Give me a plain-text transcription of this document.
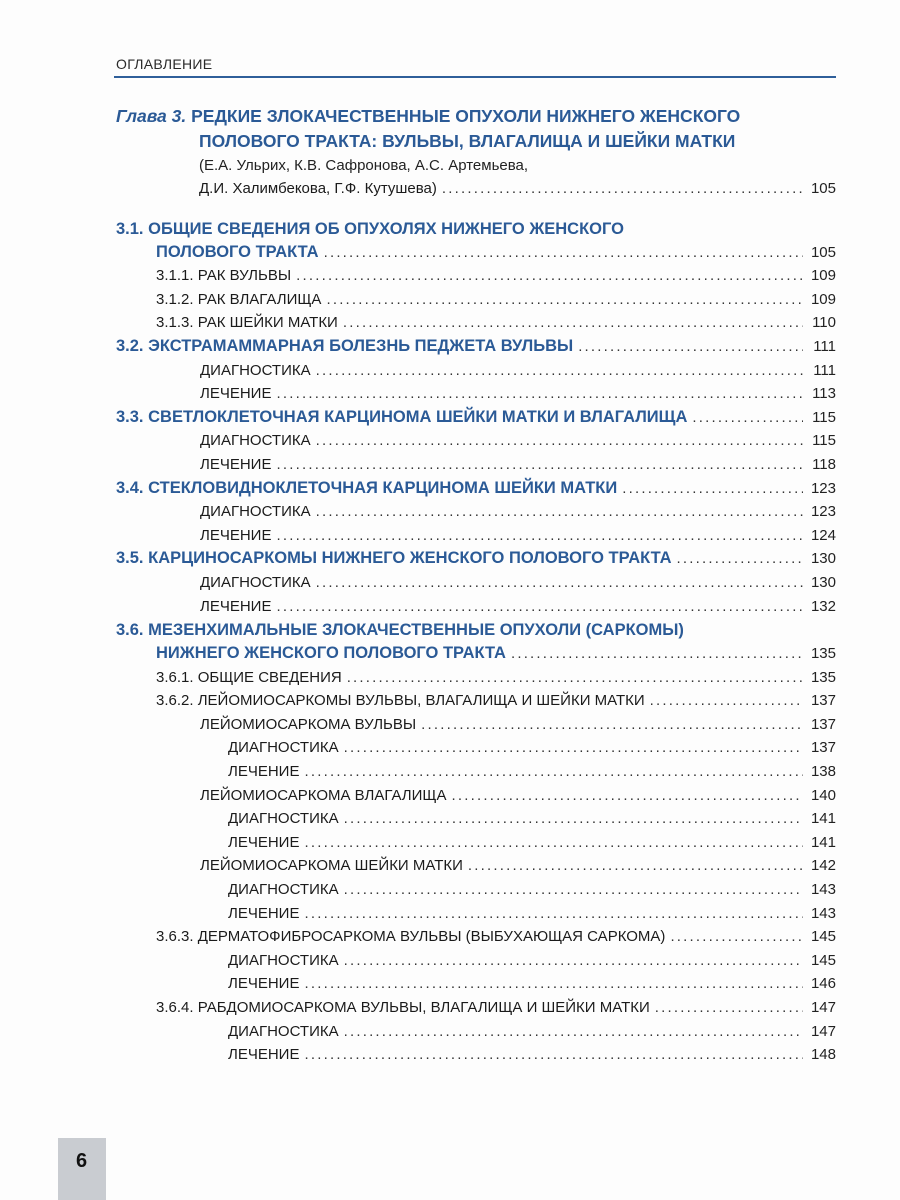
ОГЛАВЛЕНИЕ
Глава 3. РЕДКИЕ ЗЛОКАЧЕСТВЕННЫЕ ОПУХОЛИ НИЖНЕГО ЖЕНСКОГО
ПОЛОВОГО ТРАКТА: ВУЛЬВЫ, ВЛАГАЛИЩА И ШЕЙКИ МАТКИ
(Е.А. Ульрих, К.В. Сафронова, А.С. Артемьева,
Д.И. Халимбекова, Г.Ф. Кутушева) .....	105
3.1. ОБЩИЕ СВЕДЕНИЯ ОБ ОПУХОЛЯХ НИЖНЕГО ЖЕНСКОГО
ПОЛОВОГО ТРАКТА .....	105
3.1.1. РАК ВУЛЬВЫ .....	109
3.1.2. РАК ВЛАГАЛИЩА .....	109
3.1.3. РАК ШЕЙКИ МАТКИ .....	110
3.2. ЭКСТРАМАММАРНАЯ БОЛЕЗНЬ ПЕДЖЕТА ВУЛЬВЫ .....	111
ДИАГНОСТИКА .....	111
ЛЕЧЕНИЕ .....	113
3.3. СВЕТЛОКЛЕТОЧНАЯ КАРЦИНОМА ШЕЙКИ МАТКИ И ВЛАГАЛИЩА .....	115
ДИАГНОСТИКА .....	115
ЛЕЧЕНИЕ .....	118
3.4. СТЕКЛОВИДНОКЛЕТОЧНАЯ КАРЦИНОМА ШЕЙКИ МАТКИ .....	123
ДИАГНОСТИКА .....	123
ЛЕЧЕНИЕ .....	124
3.5. КАРЦИНОСАРКОМЫ НИЖНЕГО ЖЕНСКОГО ПОЛОВОГО ТРАКТА .....	130
ДИАГНОСТИКА .....	130
ЛЕЧЕНИЕ .....	132
3.6. МЕЗЕНХИМАЛЬНЫЕ ЗЛОКАЧЕСТВЕННЫЕ ОПУХОЛИ (САРКОМЫ)
НИЖНЕГО ЖЕНСКОГО ПОЛОВОГО ТРАКТА .....	135
3.6.1. ОБЩИЕ СВЕДЕНИЯ .....	135
3.6.2. ЛЕЙОМИОСАРКОМЫ ВУЛЬВЫ, ВЛАГАЛИЩА И ШЕЙКИ МАТКИ .....	137
ЛЕЙОМИОСАРКОМА ВУЛЬВЫ .....	137
ДИАГНОСТИКА .....	137
ЛЕЧЕНИЕ .....	138
ЛЕЙОМИОСАРКОМА ВЛАГАЛИЩА .....	140
ДИАГНОСТИКА .....	141
ЛЕЧЕНИЕ .....	141
ЛЕЙОМИОСАРКОМА ШЕЙКИ МАТКИ .....	142
ДИАГНОСТИКА .....	143
ЛЕЧЕНИЕ .....	143
3.6.3. ДЕРМАТОФИБРОСАРКОМА ВУЛЬВЫ (ВЫБУХАЮЩАЯ САРКОМА) .....	145
ДИАГНОСТИКА .....	145
ЛЕЧЕНИЕ .....	146
3.6.4. РАБДОМИОСАРКОМА ВУЛЬВЫ, ВЛАГАЛИЩА И ШЕЙКИ МАТКИ .....	147
ДИАГНОСТИКА .....	147
ЛЕЧЕНИЕ .....	148
6
